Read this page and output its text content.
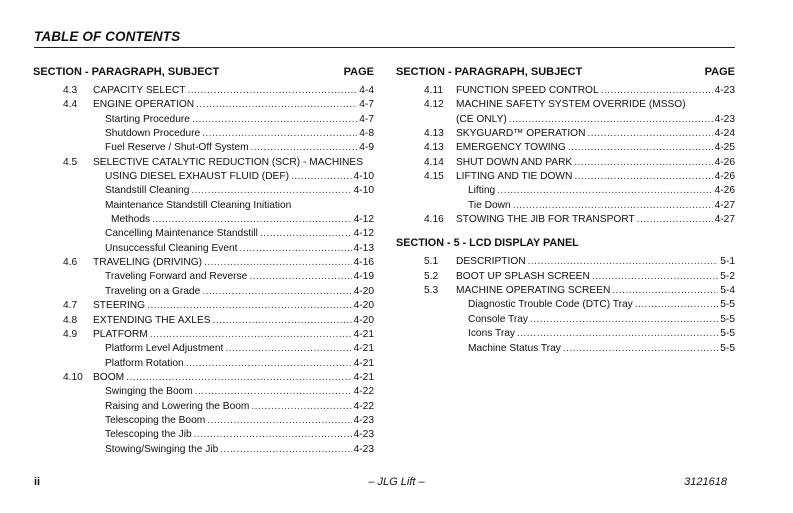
TABLE OF CONTENTS
SECTION - PARAGRAPH, SUBJECT	PAGE
4.3	CAPACITY SELECT . . .	4-4
4.4	ENGINE OPERATION . . .	4-7
Starting Procedure . . .	4-7
Shutdown Procedure . . .	4-8
Fuel Reserve / Shut-Off System . . .	4-9
4.5	SELECTIVE CATALYTIC REDUCTION (SCR) - MACHINES
USING DIESEL EXHAUST FLUID (DEF) . . .	4-10
Standstill Cleaning . . .	4-10
Maintenance Standstill Cleaning Initiation
Methods . . .	4-12
Cancelling Maintenance Standstill . . .	4-12
Unsuccessful Cleaning Event . . .	4-13
4.6	TRAVELING (DRIVING) . . .	4-16
Traveling Forward and Reverse . . .	4-19
Traveling on a Grade . . .	4-20
4.7	STEERING . . .	4-20
4.8	EXTENDING THE AXLES . . .	4-20
4.9	PLATFORM . . .	4-21
Platform Level Adjustment . . .	4-21
Platform Rotation . . .	4-21
4.10 BOOM . . .	4-21
Swinging the Boom . . .	4-22
Raising and Lowering the Boom . . .	4-22
Telescoping the Boom . . .	4-23
Telescoping the Jib . . .	4-23
Stowing/Swinging the Jib . . .	4-23
SECTION - PARAGRAPH, SUBJECT	PAGE
4.11	FUNCTION SPEED CONTROL . . .	4-23
4.12	MACHINE SAFETY SYSTEM OVERRIDE (MSSO)
(CE ONLY) . . .	4-23
4.13	SKYGUARD™ OPERATION . . .	4-24
4.13	EMERGENCY TOWING . . .	4-25
4.14	SHUT DOWN AND PARK . . .	4-26
4.15	LIFTING AND TIE DOWN . . .	4-26
Lifting . . .	4-26
Tie Down . . .	4-27
4.16	STOWING THE JIB FOR TRANSPORT . . .	4-27
SECTION - 5 - LCD DISPLAY PANEL
5.1	DESCRIPTION . . .	5-1
5.2	BOOT UP SPLASH SCREEN . . .	5-2
5.3	MACHINE OPERATING SCREEN . . .	5-4
Diagnostic Trouble Code (DTC) Tray . . .	5-5
Console Tray . . .	5-5
Icons Tray . . .	5-5
Machine Status Tray . . .	5-5
ii	– JLG Lift –	3121618
